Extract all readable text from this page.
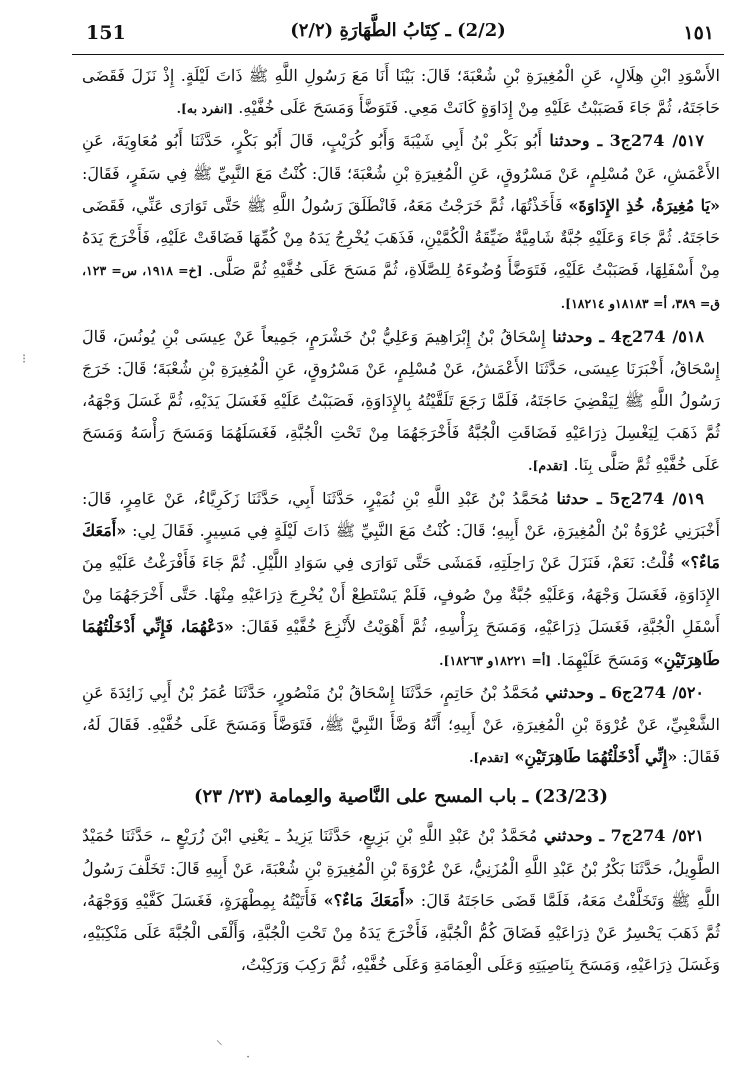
151	(2/2) ـ كِتَابُ الطَّهَارَةِ (٢/٢)	١٥١

الأَسْوَدِ ابْنِ هِلَالٍ، عَنِ الْمُغِيرَةِ بْنِ شُعْبَةَ؛ قَالَ: بَيْنَا أَنَا مَعَ رَسُولِ اللَّهِ ﷺ ذَاتَ لَيْلَةٍ. إِذْ نَزَلَ فَقَضَى حَاجَتَهُ، ثُمَّ جَاءَ فَصَبَبْتُ عَلَيْهِ مِنْ إِدَاوَةٍ كَانَتْ مَعِي. فَتَوَضَّأَ وَمَسَحَ عَلَى خُفَّيْهِ. [انفرد به].

٥١٧/ 274ج3 ـ وحدثنا أَبُو بَكْرِ بْنُ أَبِي شَيْبَةَ وَأَبُو كُرَيْبٍ، قَالَ أَبُو بَكْرٍ، حَدَّثَنَا أَبُو مُعَاوِيَةَ، عَنِ الأَعْمَشِ، عَنْ مُسْلِمٍ، عَنْ مَسْرُوقٍ، عَنِ الْمُغِيرَةِ بْنِ شُعْبَةَ؛ قَالَ: كُنْتُ مَعَ النَّبِيِّ ﷺ فِي سَفَرٍ، فَقَالَ: «يَا مُغِيرَةُ، خُذِ الإِدَاوَةَ» فَأَخَذْتُهَا، ثُمَّ خَرَجْتُ مَعَهُ، فَانْطَلَقَ رَسُولُ اللَّهِ ﷺ حَتَّى تَوَارَى عَنِّي، فَقَضَى حَاجَتَهُ. ثُمَّ جَاءَ وَعَلَيْهِ جُبَّةٌ شَامِيَّةٌ ضَيِّقَةُ الْكُمَّيْنِ، فَذَهَبَ يُخْرِجُ يَدَهُ مِنْ كُمِّهَا فَضَاقَتْ عَلَيْهِ، فَأَخْرَجَ يَدَهُ مِنْ أَسْفَلِهَا، فَصَبَبْتُ عَلَيْهِ، فَتَوَضَّأَ وُضُوءَهُ لِلصَّلَاةِ، ثُمَّ مَسَحَ عَلَى خُفَّيْهِ ثُمَّ صَلَّى. [خ= ١٩١٨، س= ١٢٣، ق= ٣٨٩، أ= ١٨١٨٣و ١٨٢١٤].

٥١٨/ 274ج4 ـ وحدثنا إِسْحَاقُ بْنُ إِبْرَاهِيمَ وَعَلِيُّ بْنُ خَشْرَمٍ، جَمِيعاً عَنْ عِيسَى بْنِ يُونُسَ، قَالَ إِسْحَاقُ، أَخْبَرَنَا عِيسَى، حَدَّثَنَا الأَعْمَشُ، عَنْ مُسْلِمٍ، عَنْ مَسْرُوقٍ، عَنِ الْمُغِيرَةِ بْنِ شُعْبَةَ؛ قَالَ: خَرَجَ رَسُولُ اللَّهِ ﷺ لِيَقْضِيَ حَاجَتَهُ، فَلَمَّا رَجَعَ تَلَقَّيْتُهُ بِالإِدَاوَةِ، فَصَبَبْتُ عَلَيْهِ فَغَسَلَ يَدَيْهِ، ثُمَّ غَسَلَ وَجْهَهُ، ثُمَّ ذَهَبَ لِيَغْسِلَ ذِرَاعَيْهِ فَضَاقَتِ الْجُبَّةُ فَأَخْرَجَهُمَا مِنْ تَحْتِ الْجُبَّةِ، فَغَسَلَهُمَا وَمَسَحَ رَأْسَهُ وَمَسَحَ عَلَى خُفَّيْهِ ثُمَّ صَلَّى بِنَا. [تقدم].

٥١٩/ 274ج5 ـ حدثنا مُحَمَّدُ بْنُ عَبْدِ اللَّهِ بْنِ نُمَيْرٍ، حَدَّثَنَا أَبِي، حَدَّثَنَا زَكَرِيَّاءُ، عَنْ عَامِرٍ، قَالَ: أَخْبَرَنِي عُرْوَةُ بْنُ الْمُغِيرَةِ، عَنْ أَبِيهِ؛ قَالَ: كُنْتُ مَعَ النَّبِيِّ ﷺ ذَاتَ لَيْلَةٍ فِي مَسِيرٍ. فَقَالَ لِي: «أَمَعَكَ مَاءٌ؟» قُلْتُ: نَعَمْ، فَنَزَلَ عَنْ رَاحِلَتِهِ، فَمَشَى حَتَّى تَوَارَى فِي سَوَادِ اللَّيْلِ. ثُمَّ جَاءَ فَأَفْرَغْتُ عَلَيْهِ مِنَ الإِدَاوَةِ، فَغَسَلَ وَجْهَهُ، وَعَلَيْهِ جُبَّةٌ مِنْ صُوفٍ، فَلَمْ يَسْتَطِعْ أَنْ يُخْرِجَ ذِرَاعَيْهِ مِنْهَا. حَتَّى أَخْرَجَهُمَا مِنْ أَسْفَلِ الْجُبَّةِ، فَغَسَلَ ذِرَاعَيْهِ، وَمَسَحَ بِرَأْسِهِ، ثُمَّ أَهْوَيْتُ لأَنْزِعَ خُفَّيْهِ فَقَالَ: «دَعْهُمَا، فَإِنِّي أَدْخَلْتُهُمَا طَاهِرَتَيْنِ» وَمَسَحَ عَلَيْهِمَا. [أ= ١٨٢٢١و ١٨٢٦٣].

٥٢٠/ 274ج6 ـ وحدثني مُحَمَّدُ بْنُ حَاتِمٍ، حَدَّثَنَا إِسْحَاقُ بْنُ مَنْصُورٍ، حَدَّثَنَا عُمَرُ بْنُ أَبِي زَائِدَةَ عَنِ الشَّعْبِيِّ، عَنْ عُرْوَةَ بْنِ الْمُغِيرَةِ، عَنْ أَبِيهِ؛ أَنَّهُ وَضَّأَ النَّبِيَّ ﷺ، فَتَوَضَّأَ وَمَسَحَ عَلَى خُفَّيْهِ. فَقَالَ لَهُ، فَقَالَ: «إِنِّي أَدْخَلْتُهُمَا طَاهِرَتَيْنِ» [تقدم].

(23/23) ـ باب المسح على النَّاصية والعِمامة (٢٣/ ٢٣)

٥٢١/ 274ج7 ـ وحدثني مُحَمَّدُ بْنُ عَبْدِ اللَّهِ بْنِ بَزِيعٍ، حَدَّثَنَا يَزِيدُ ـ يَعْنِي ابْنَ زُرَيْعٍ ـ، حَدَّثَنَا حُمَيْدٌ الطَّوِيلُ، حَدَّثَنَا بَكْرُ بْنُ عَبْدِ اللَّهِ الْمُزَنِيُّ، عَنْ عُرْوَةَ بْنِ الْمُغِيرَةِ بْنِ شُعْبَةَ، عَنْ أَبِيهِ قَالَ: تَخَلَّفَ رَسُولُ اللَّهِ ﷺ وَتَخَلَّفْتُ مَعَهُ، فَلَمَّا قَضَى حَاجَتَهُ قَالَ: «أَمَعَكَ مَاءٌ؟» فَأَتَيْتُهُ بِمِطْهَرَةٍ، فَغَسَلَ كَفَّيْهِ وَوَجْهَهُ، ثُمَّ ذَهَبَ يَحْسِرُ عَنْ ذِرَاعَيْهِ فَضَاقَ كُمُّ الْجُبَّةِ، فَأَخْرَجَ يَدَهُ مِنْ تَحْتِ الْجُبَّةِ، وَأَلْقَى الْجُبَّةَ عَلَى مَنْكِبَيْهِ، وَغَسَلَ ذِرَاعَيْهِ، وَمَسَحَ بِنَاصِيَتِهِ وَعَلَى الْعِمَامَةِ وَعَلَى خُفَّيْهِ، ثُمَّ رَكِبَ وَرَكِبْتُ،

⁝
⸜
·
